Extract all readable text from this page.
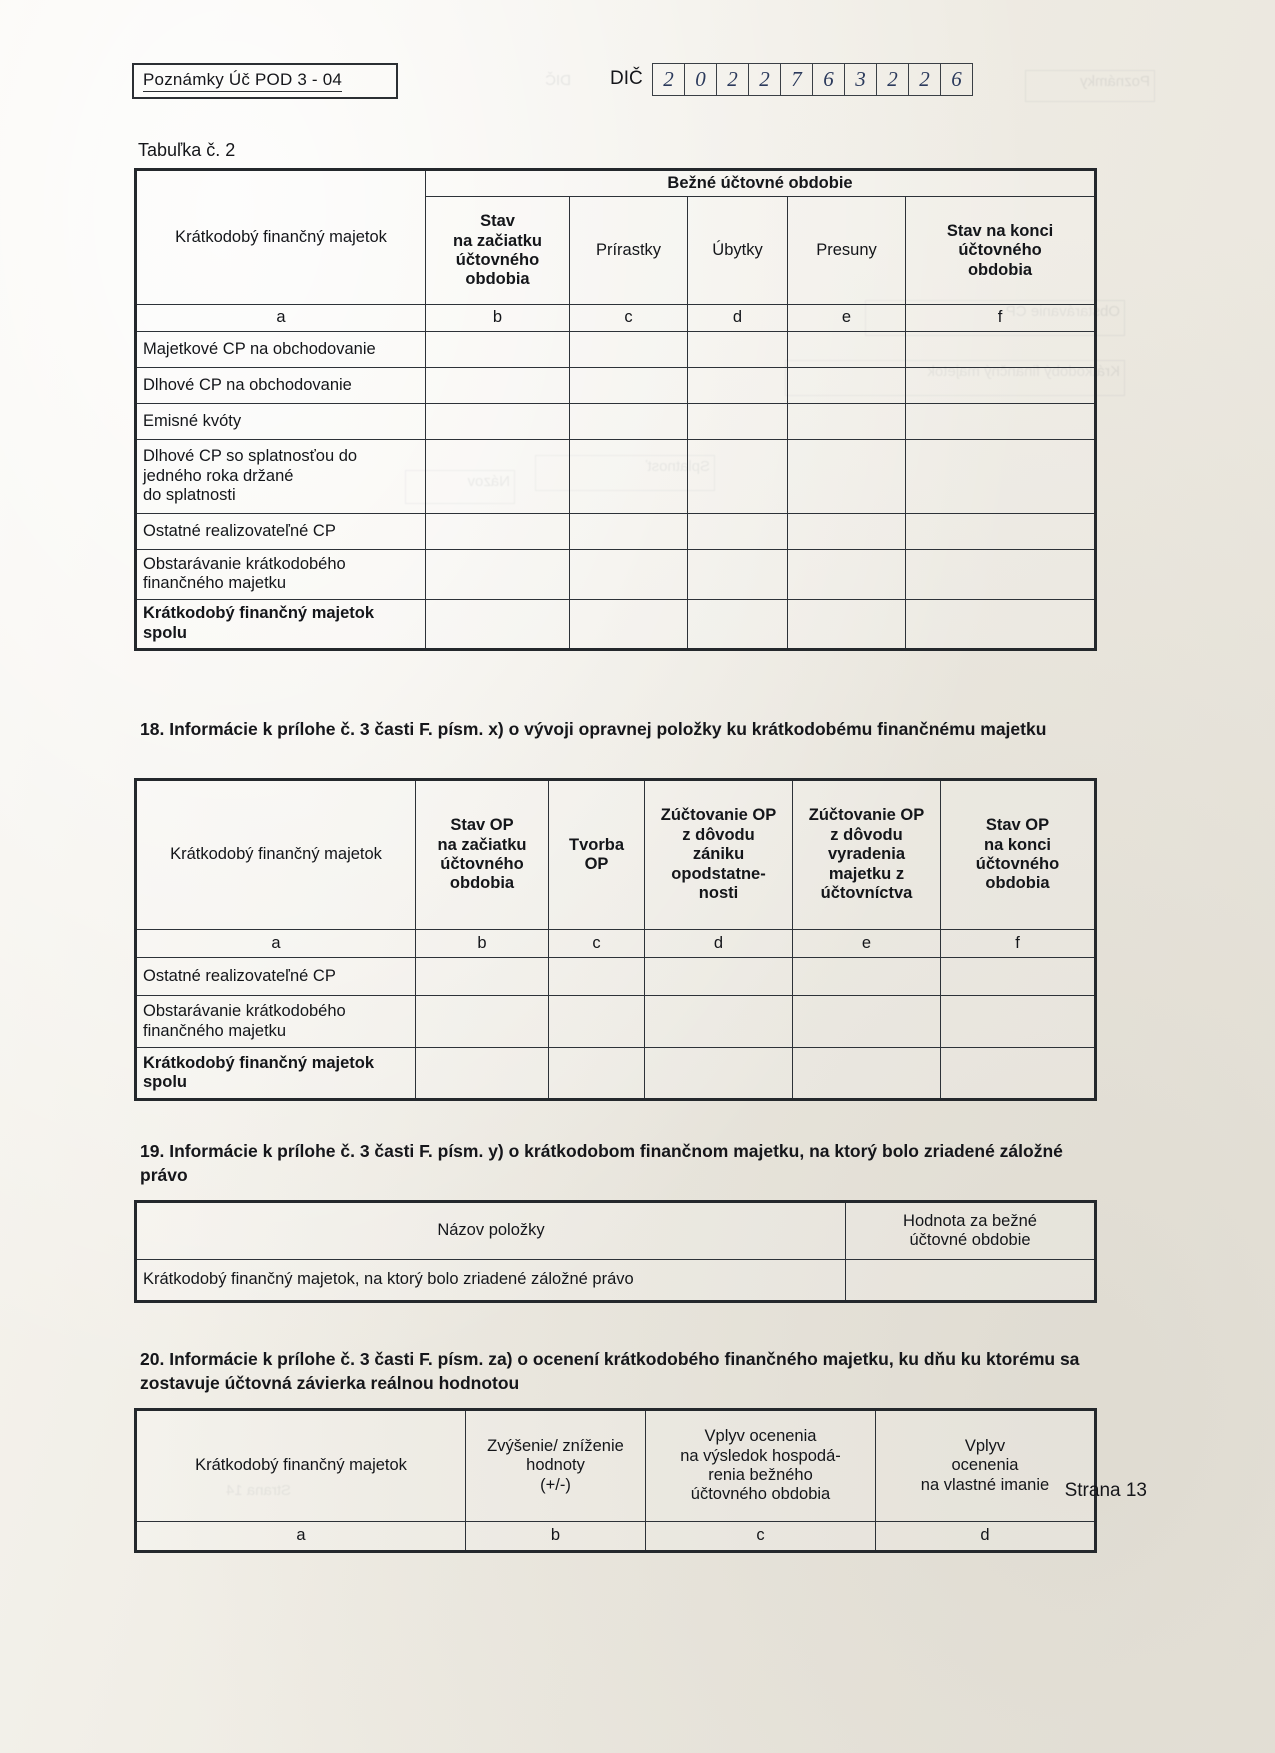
Poznámky Úč POD 3 - 04	DIČ 2	0	2	2	7	6	3	2	2	6
Tabuľka č. 2
Krátkodobý finančný majetok	Bežné účtovné obdobie				
	Stav
na začiatku
účtovného
obdobia	Prírastky	Úbytky	Presuny	Stav na konci
účtovného
obdobia
a	b	c	d	e	f
Majetkové CP na obchodovanie					
Dlhové CP na obchodovanie					
Emisné kvóty					
Dlhové CP so splatnosťou do
jedného roka držané
do splatnosti					
Ostatné realizovateľné CP					
Obstarávanie krátkodobého
finančného majetku					
Krátkodobý finančný majetok
spolu					
18. Informácie k prílohe č. 3 časti F. písm. x) o vývoji opravnej položky ku krátkodobému finančnému majetku
Krátkodobý finančný majetok	Stav OP
na začiatku
účtovného
obdobia	Tvorba
OP	Zúčtovanie OP
z dôvodu
zániku
opodstatne-
nosti	Zúčtovanie OP
z dôvodu
vyradenia
majetku z
účtovníctva	Stav OP
na konci
účtovného
obdobia
a	b	c	d	e	f
Ostatné realizovateľné CP					
Obstarávanie krátkodobého
finančného majetku					
Krátkodobý finančný majetok
spolu					
19. Informácie k prílohe č. 3 časti F. písm. y) o krátkodobom finančnom majetku, na ktorý bolo zriadené záložné právo
Názov položky	Hodnota za bežné
účtovné obdobie
Krátkodobý finančný majetok, na ktorý bolo zriadené záložné právo	
20. Informácie k prílohe č. 3 časti F. písm. za) o ocenení krátkodobého finančného majetku, ku dňu ku ktorému sa zostavuje účtovná závierka reálnou hodnotou
Krátkodobý finančný majetok	Zvýšenie/ zníženie
hodnoty
(+/-)	Vplyv ocenenia
na výsledok hospodá-
renia bežného
účtovného obdobia	Vplyv
ocenenia
na vlastné imanie
a	b	c	d
Strana 13
